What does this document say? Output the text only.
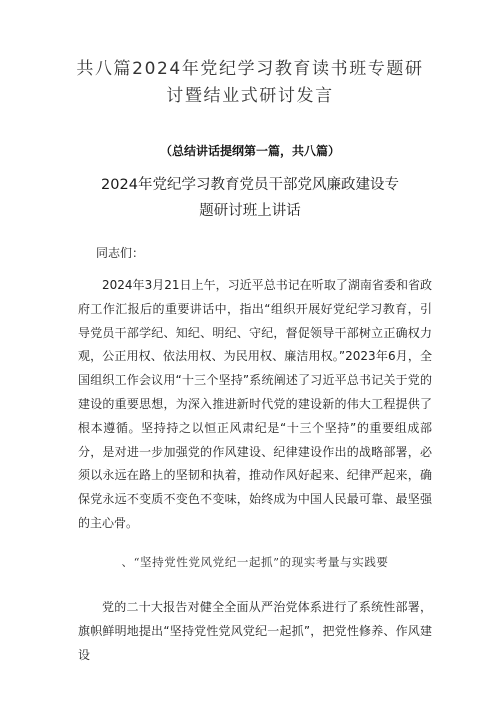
共八篇2024年党纪学习教育读书班专题研
讨暨结业式研讨发言
（总结讲话提纲第一篇，共八篇）
2024年党纪学习教育党员干部党风廉政建设专
题研讨班上讲话
同志们：

2024年3月21日上午，习近平总书记在听取了湖南省委和省政府工作汇报后的重要讲话中，指出“组织开展好党纪学习教育，引导党员干部学纪、知纪、明纪、守纪，督促领导干部树立正确权力观，公正用权、依法用权、为民用权、廉洁用权。”2023年6月，全国组织工作会议用“十三个坚持”系统阐述了习近平总书记关于党的建设的重要思想，为深入推进新时代党的建设新的伟大工程提供了根本遵循。坚持持之以恒正风肃纪是“十三个坚持”的重要组成部分，是对进一步加强党的作风建设、纪律建设作出的战略部署，必须以永远在路上的坚韧和执着，推动作风好起来、纪律严起来，确保党永远不变质不变色不变味，始终成为中国人民最可靠、最坚强的主心骨。

、“坚持党性党风党纪一起抓”的现实考量与实践要

党的二十大报告对健全全面从严治党体系进行了系统性部署，旗帜鲜明地提出“坚持党性党风党纪一起抓”，把党性修养、作风建设
